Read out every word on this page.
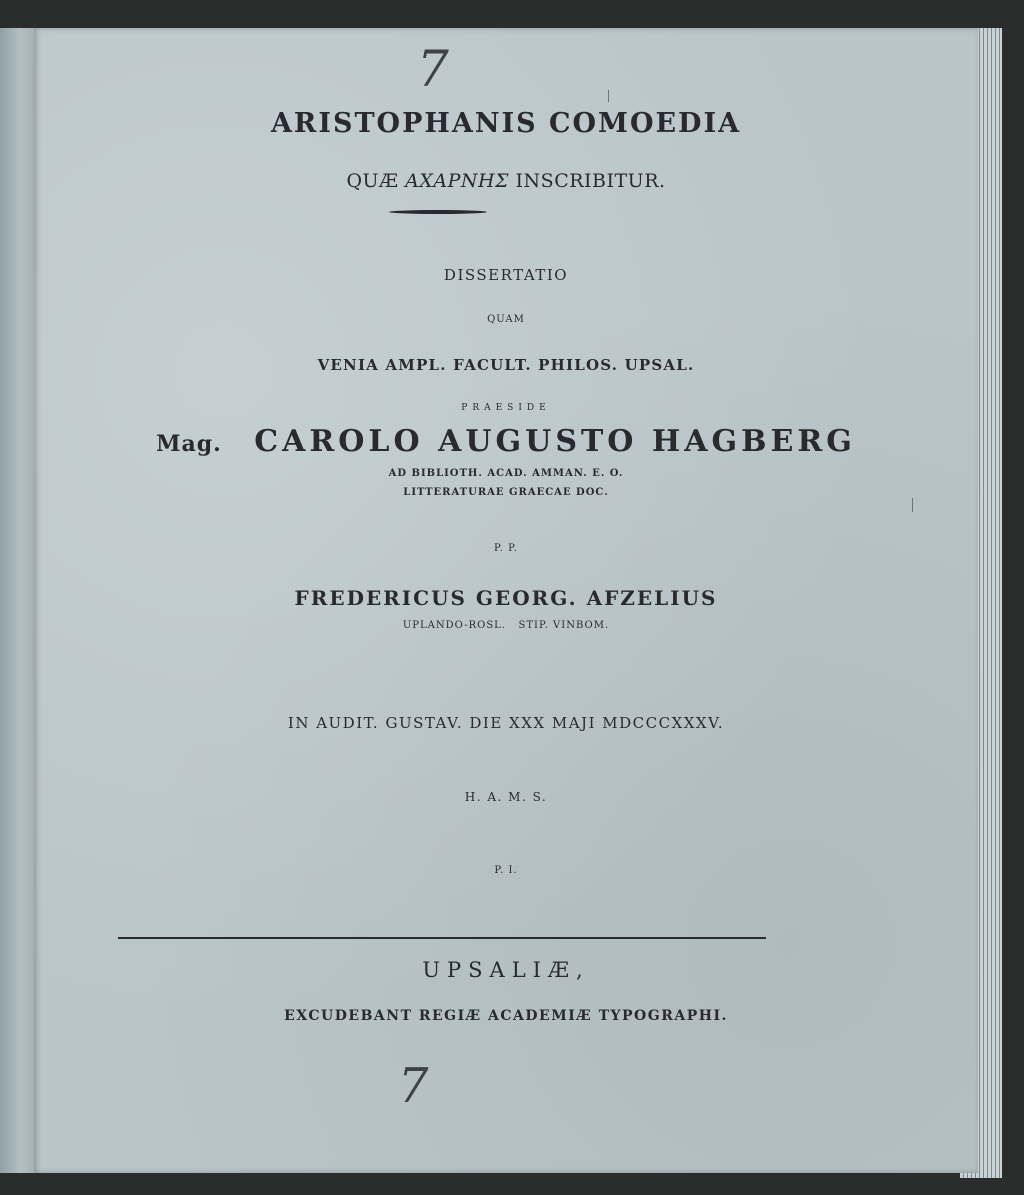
7
ARISTOPHANIS COMOEDIA
QUÆ ΑΧΑΡΝΗΣ INSCRIBITUR.
DISSERTATIO
QUAM
VENIA AMPL. FACULT. PHILOS. UPSAL.
PRAESIDE
Mag. CAROLO AUGUSTO HAGBERG
AD BIBLIOTH. ACAD. AMMAN. E. O.
LITTERATURAE GRAECAE DOC.
P. P.
FREDERICUS GEORG. AFZELIUS
UPLANDO-ROSL.   STIP. VINBOM.
IN AUDIT. GUSTAV. DIE XXX MAJI MDCCCXXXV.
H. A. M. S.
P. I.
UPSALIÆ,
EXCUDEBANT REGIÆ ACADEMIÆ TYPOGRAPHI.
7
